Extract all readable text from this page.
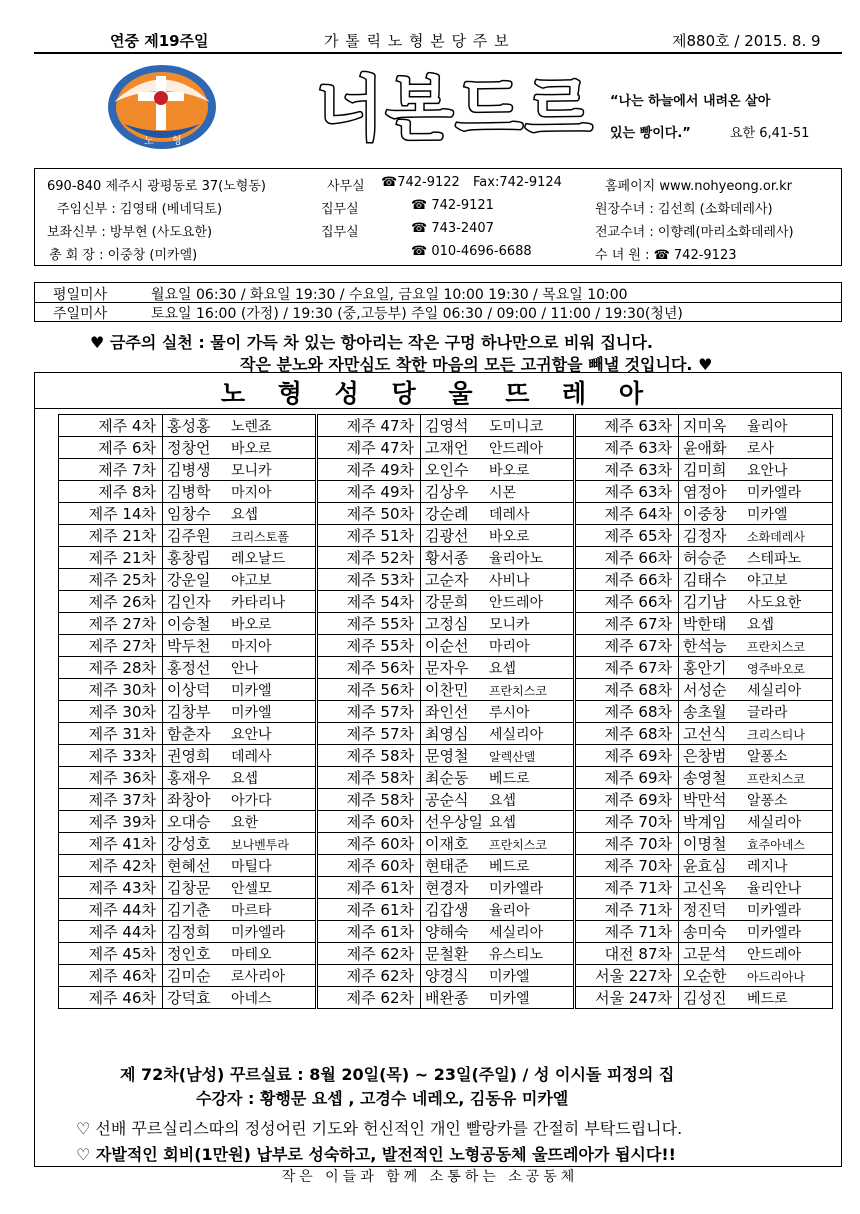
연중 제19주일	가 톨 릭 노 형 본 당 주 보	제880호 / 2015. 8. 9
노 형 너본드르 “나는 하늘에서 내려온 살아
있는 빵이다.”	요한 6,41-51
690-840 제주시 광평동로 37(노형동)	사무실 ☎742-9122 Fax:742-9124	홈페이지 www.nohyeong.or.kr
주임신부 : 김영태 (베네딕토)	집무실	☎ 742-9121	원장수녀 : 김선희 (소화데레사)
보좌신부 : 방부현 (사도요한)	집무실	☎ 743-2407	전교수녀 : 이향례(마리소화데레사)
총 회 장 : 이중창 (미카엘)	☎ 010-4696-6688	수 녀 원 : ☎ 742-9123
평일미사	월요일 06:30 / 화요일 19:30 / 수요일, 금요일 10:00 19:30 / 목요일 10:00
주일미사	토요일 16:00 (가정) / 19:30 (중,고등부) 주일 06:30 / 09:00 / 11:00 / 19:30(청년)
♥ 금주의 실천 : 물이 가득 차 있는 항아리는 작은 구멍 하나만으로 비워 집니다.
작은 분노와 자만심도 착한 마음의 모든 고귀함을 빼낼 것입니다. ♥
노 형 성 당 울 뜨 레 아
제주 4차	홍성홍 노렌죠	제주 47차	김영석 도미니코	제주 63차	지미옥 율리아
제주 6차	정창언 바오로	제주 47차	고재언 안드레아	제주 63차	윤애화 로사
제주 7차	김병생 모니카	제주 49차	오인수 바오로	제주 63차	김미희 요안나
제주 8차	김병학 마지아	제주 49차	김상우 시몬	제주 63차	염정아 미카엘라
제주 14차	임창수 요셉	제주 50차	강순례 데레사	제주 64차	이중창 미카엘
제주 21차	김주원 크리스토폴	제주 51차	김광선 바오로	제주 65차	김정자 소화데레사
제주 21차	홍창립 레오날드	제주 52차	황서종 율리아노	제주 66차	허승준 스테파노
제주 25차	강운일 야고보	제주 53차	고순자 사비나	제주 66차	김태수 야고보
제주 26차	김인자 카타리나	제주 54차	강문희 안드레아	제주 66차	김기남 사도요한
제주 27차	이승철 바오로	제주 55차	고정심 모니카	제주 67차	박한태 요셉
제주 27차	박두천 마지아	제주 55차	이순선 마리아	제주 67차	한석능 프란치스코
제주 28차	홍정선 안나	제주 56차	문자우 요셉	제주 67차	홍안기 영주바오로
제주 30차	이상덕 미카엘	제주 56차	이찬민 프란치스코	제주 68차	서성순 세실리아
제주 30차	김창부 미카엘	제주 57차	좌인선 루시아	제주 68차	송초월 글라라
제주 31차	함춘자 요안나	제주 57차	최영심 세실리아	제주 68차	고선식 크리스티나
제주 33차	권영희 데레사	제주 58차	문영철 알렉산델	제주 69차	은창범 알퐁소
제주 36차	홍재우 요셉	제주 58차	최순동 베드로	제주 69차	송영철 프란치스코
제주 37차	좌창아 아가다	제주 58차	공순식 요셉	제주 69차	박만석 알퐁소
제주 39차	오대승 요한	제주 60차	선우상일 요셉	제주 70차	박계임 세실리아
제주 41차	강성호 보나벤투라	제주 60차	이재호 프란치스코	제주 70차	이명철 효주아네스
제주 42차	현혜선 마틸다	제주 60차	현태준 베드로	제주 70차	윤효심 레지나
제주 43차	김창문 안셀모	제주 61차	현경자 미카엘라	제주 71차	고신옥 율리안나
제주 44차	김기춘 마르타	제주 61차	김갑생 율리아	제주 71차	정진덕 미카엘라
제주 44차	김정희 미카엘라	제주 61차	양해숙 세실리아	제주 71차	송미숙 미카엘라
제주 45차	정인호 마테오	제주 62차	문철환 유스티노	대전 87차	고문석 안드레아
제주 46차	김미순 로사리아	제주 62차	양경식 미카엘	서울 227차	오순한 아드리아나
제주 46차	강덕효 아네스	제주 62차	배완종 미카엘	서울 247차	김성진 베드로
제 72차(남성) 꾸르실료 : 8월 20일(목) ~ 23일(주일) / 성 이시돌 피정의 집
수강자 : 황행문 요셉 , 고경수 네레오, 김동유 미카엘
♡ 선배 꾸르실리스따의 정성어린 기도와 헌신적인 개인 빨랑카를 간절히 부탁드립니다.
♡ 자발적인 회비(1만원) 납부로 성숙하고, 발전적인 노형공동체 울뜨레아가 됩시다!!
작은 이들과 함께 소통하는 소공동체
